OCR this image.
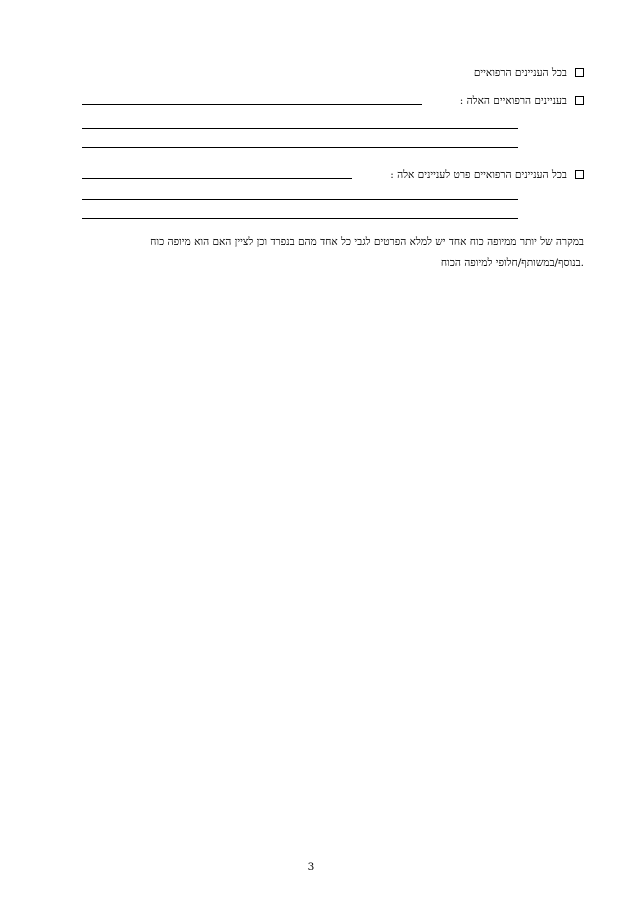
בכל העניינים הרפואיים
בעניינים הרפואיים האלה :
בכל העניינים הרפואיים פרט לעניינים אלה :
במקרה של יותר ממיופה כוח אחד יש למלא הפרטים לגבי כל אחד מהם בנפרד וכן לציין האם הוא מיופה כוח
.בנוסף/במשותף/חלופי למיופה הכוח
3
